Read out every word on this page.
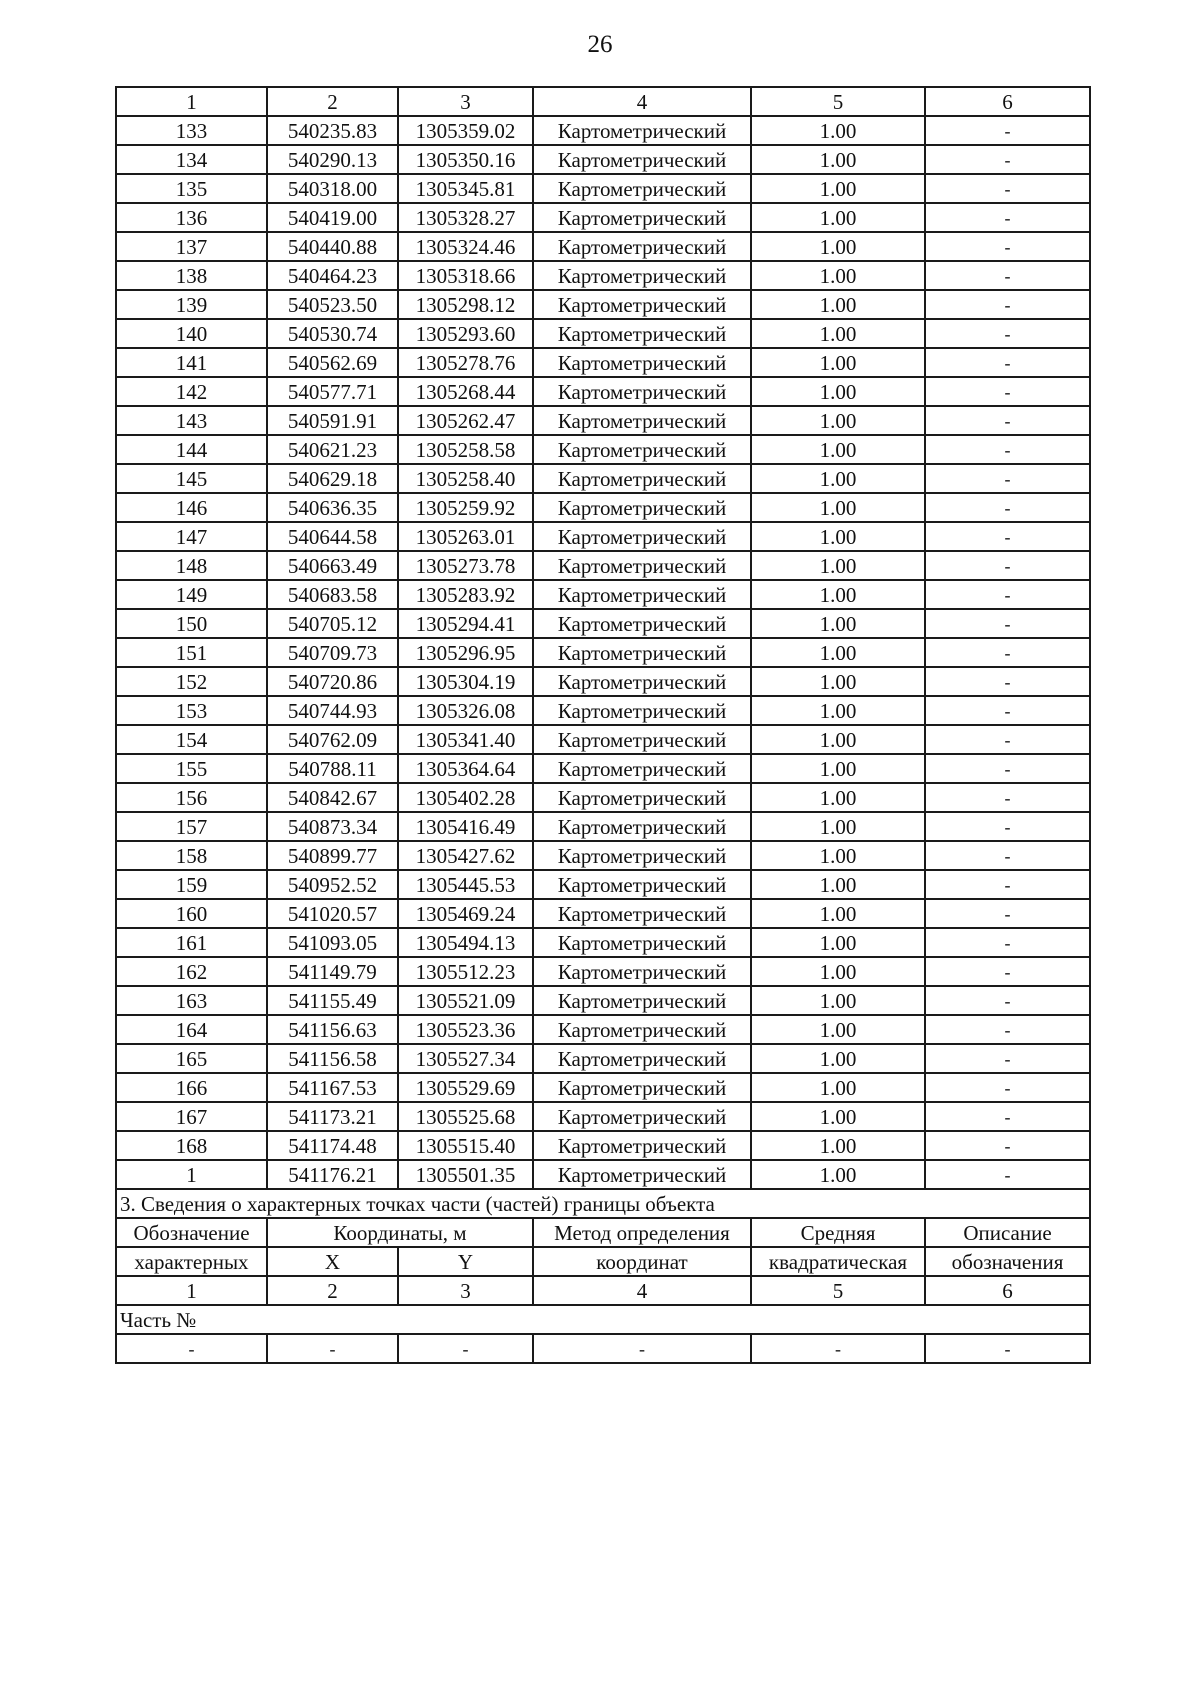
26
1	2	3	4	5	6
133	540235.83	1305359.02	Картометрический	1.00	-
134	540290.13	1305350.16	Картометрический	1.00	-
135	540318.00	1305345.81	Картометрический	1.00	-
136	540419.00	1305328.27	Картометрический	1.00	-
137	540440.88	1305324.46	Картометрический	1.00	-
138	540464.23	1305318.66	Картометрический	1.00	-
139	540523.50	1305298.12	Картометрический	1.00	-
140	540530.74	1305293.60	Картометрический	1.00	-
141	540562.69	1305278.76	Картометрический	1.00	-
142	540577.71	1305268.44	Картометрический	1.00	-
143	540591.91	1305262.47	Картометрический	1.00	-
144	540621.23	1305258.58	Картометрический	1.00	-
145	540629.18	1305258.40	Картометрический	1.00	-
146	540636.35	1305259.92	Картометрический	1.00	-
147	540644.58	1305263.01	Картометрический	1.00	-
148	540663.49	1305273.78	Картометрический	1.00	-
149	540683.58	1305283.92	Картометрический	1.00	-
150	540705.12	1305294.41	Картометрический	1.00	-
151	540709.73	1305296.95	Картометрический	1.00	-
152	540720.86	1305304.19	Картометрический	1.00	-
153	540744.93	1305326.08	Картометрический	1.00	-
154	540762.09	1305341.40	Картометрический	1.00	-
155	540788.11	1305364.64	Картометрический	1.00	-
156	540842.67	1305402.28	Картометрический	1.00	-
157	540873.34	1305416.49	Картометрический	1.00	-
158	540899.77	1305427.62	Картометрический	1.00	-
159	540952.52	1305445.53	Картометрический	1.00	-
160	541020.57	1305469.24	Картометрический	1.00	-
161	541093.05	1305494.13	Картометрический	1.00	-
162	541149.79	1305512.23	Картометрический	1.00	-
163	541155.49	1305521.09	Картометрический	1.00	-
164	541156.63	1305523.36	Картометрический	1.00	-
165	541156.58	1305527.34	Картометрический	1.00	-
166	541167.53	1305529.69	Картометрический	1.00	-
167	541173.21	1305525.68	Картометрический	1.00	-
168	541174.48	1305515.40	Картометрический	1.00	-
1	541176.21	1305501.35	Картометрический	1.00	-
3. Сведения о характерных точках части (частей) границы объекта					
Обозначение	Координаты, м		Метод определения	Средняя	Описание
характерных	X	Y	координат	квадратическая	обозначения
1	2	3	4	5	6
Часть №					
-	-	-	-	-	-
